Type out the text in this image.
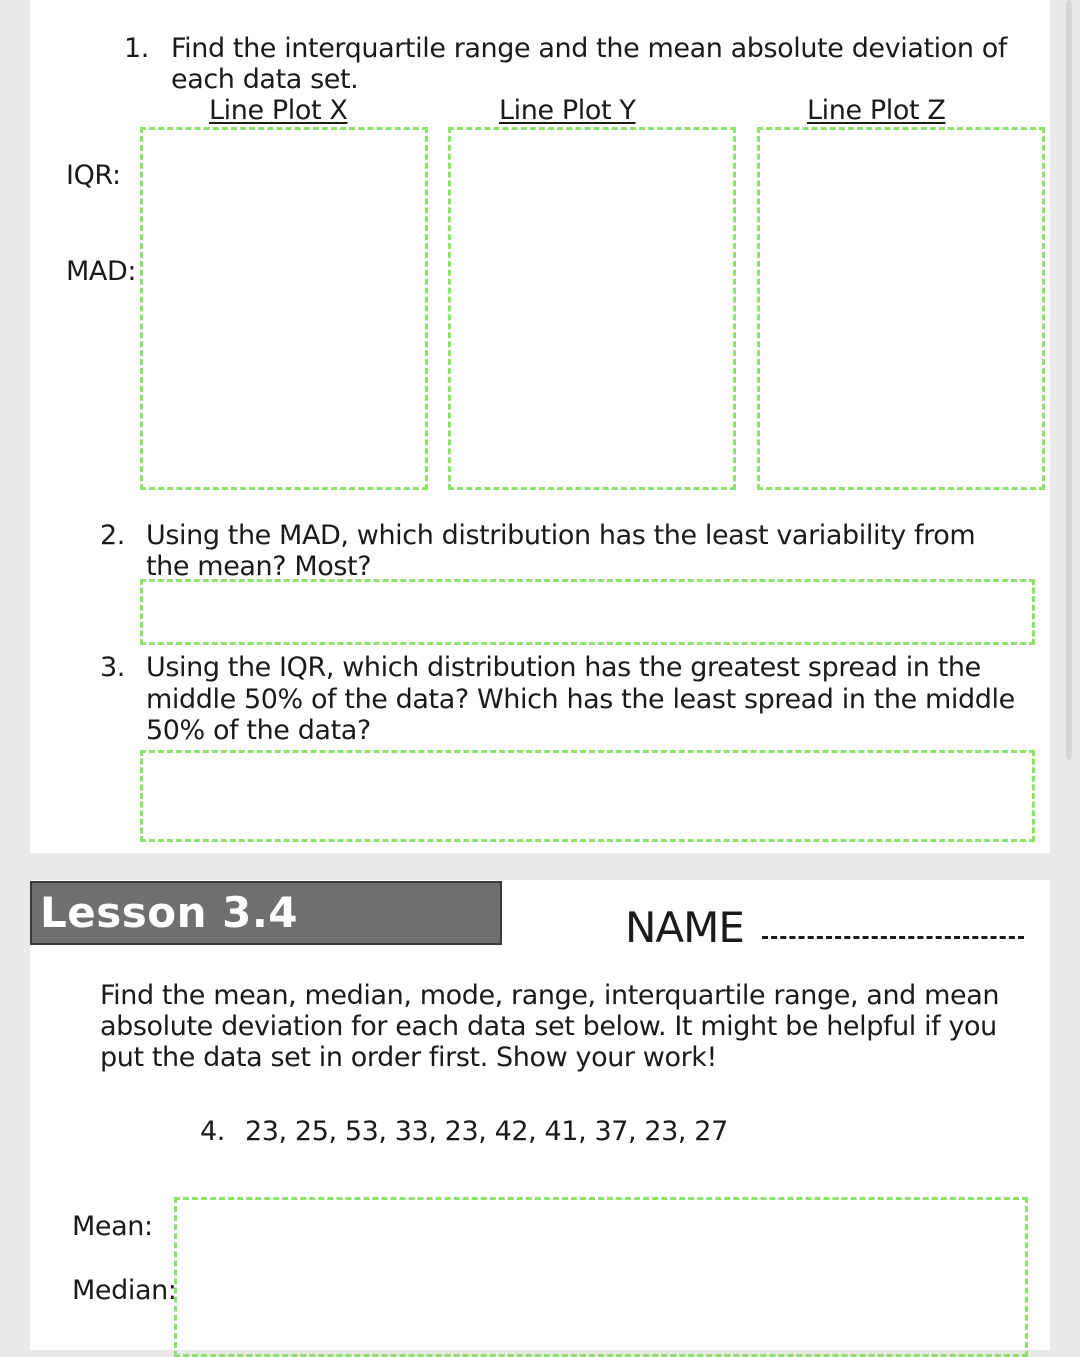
1. Find the interquartile range and the mean absolute deviation of
each data set.
Line Plot X	Line Plot Y	Line Plot Z
IQR:
MAD:
2. Using the MAD, which distribution has the least variability from
the mean? Most?
3. Using the IQR, which distribution has the greatest spread in the
middle 50% of the data? Which has the least spread in the middle
50% of the data?
Lesson 3.4 Practice
NAME
Find the mean, median, mode, range, interquartile range, and mean
absolute deviation for each data set below. It might be helpful if you
put the data set in order first. Show your work!
4. 23, 25, 53, 33, 23, 42, 41, 37, 23, 27
Mean:
Median:
